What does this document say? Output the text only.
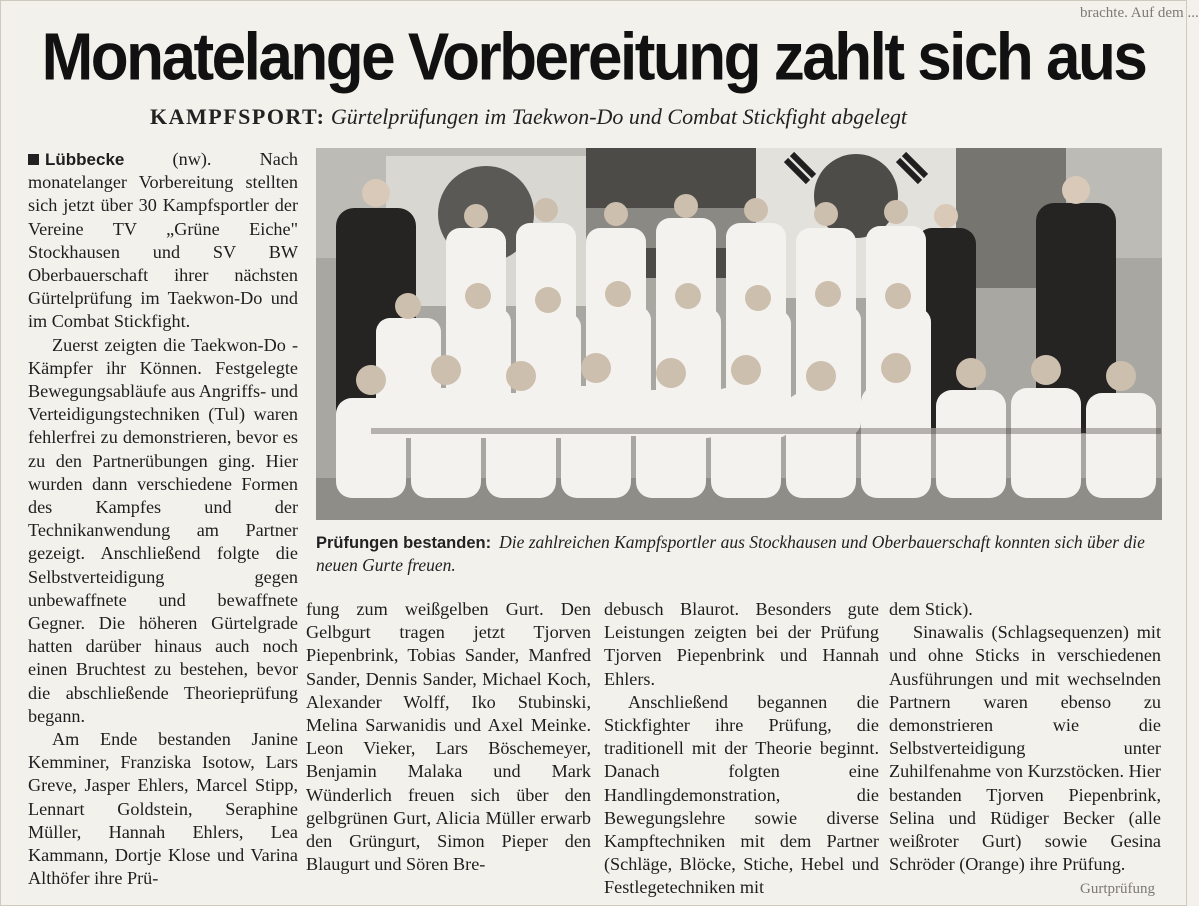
brachte. Auf dem ...
Gurtprüfung
Monatelange Vorbereitung zahlt sich aus
KAMPFSPORT: Gürtelprüfungen im Taekwon-Do und Combat Stickfight abgelegt

Lübbecke (nw). Nach monatelanger Vorbereitung stellten sich jetzt über 30 Kampfsportler der Vereine TV „Grüne Eiche" Stockhausen und SV BW Oberbauerschaft ihrer nächsten Gürtelprüfung im Taekwon-Do und im Combat Stickfight.

Zuerst zeigten die Taekwon-Do -Kämpfer ihr Können. Festgelegte Bewegungsabläufe aus Angriffs- und Verteidigungstechniken (Tul) waren fehlerfrei zu demonstrieren, bevor es zu den Partnerübungen ging. Hier wurden dann verschiedene Formen des Kampfes und der Technikanwendung am Partner gezeigt. Anschließend folgte die Selbstverteidigung gegen unbewaffnete und bewaffnete Gegner. Die höheren Gürtelgrade hatten darüber hinaus auch noch einen Bruchtest zu bestehen, bevor die abschließende Theorieprüfung begann.

Am Ende bestanden Janine Kemminer, Franziska Isotow, Lars Greve, Jasper Ehlers, Marcel Stipp, Lennart Goldstein, Seraphine Müller, Hannah Ehlers, Lea Kammann, Dortje Klose und Varina Althöfer ihre Prü-

Prüfungen bestanden: Die zahlreichen Kampfsportler aus Stockhausen und Oberbauerschaft konnten sich über die neuen Gurte freuen.

fung zum weißgelben Gurt. Den Gelbgurt tragen jetzt Tjorven Piepenbrink, Tobias Sander, Manfred Sander, Dennis Sander, Michael Koch, Alexander Wolff, Iko Stubinski, Melina Sarwanidis und Axel Meinke. Leon Vieker, Lars Böschemeyer, Benjamin Malaka und Mark Wünderlich freuen sich über den gelbgrünen Gurt, Alicia Müller erwarb den Grüngurt, Simon Pieper den Blaugurt und Sören Bre-

debusch Blaurot. Besonders gute Leistungen zeigten bei der Prüfung Tjorven Piepenbrink und Hannah Ehlers.

Anschließend begannen die Stickfighter ihre Prüfung, die traditionell mit der Theorie beginnt. Danach folgten eine Handlingdemonstration, die Bewegungslehre sowie diverse Kampftechniken mit dem Partner (Schläge, Blöcke, Stiche, Hebel und Festlegetechniken mit

dem Stick).

Sinawalis (Schlagsequenzen) mit und ohne Sticks in verschiedenen Ausführungen und mit wechselnden Partnern waren ebenso zu demonstrieren wie die Selbstverteidigung unter Zuhilfenahme von Kurzstöcken. Hier bestanden Tjorven Piepenbrink, Selina und Rüdiger Becker (alle weißroter Gurt) sowie Gesina Schröder (Orange) ihre Prüfung.
